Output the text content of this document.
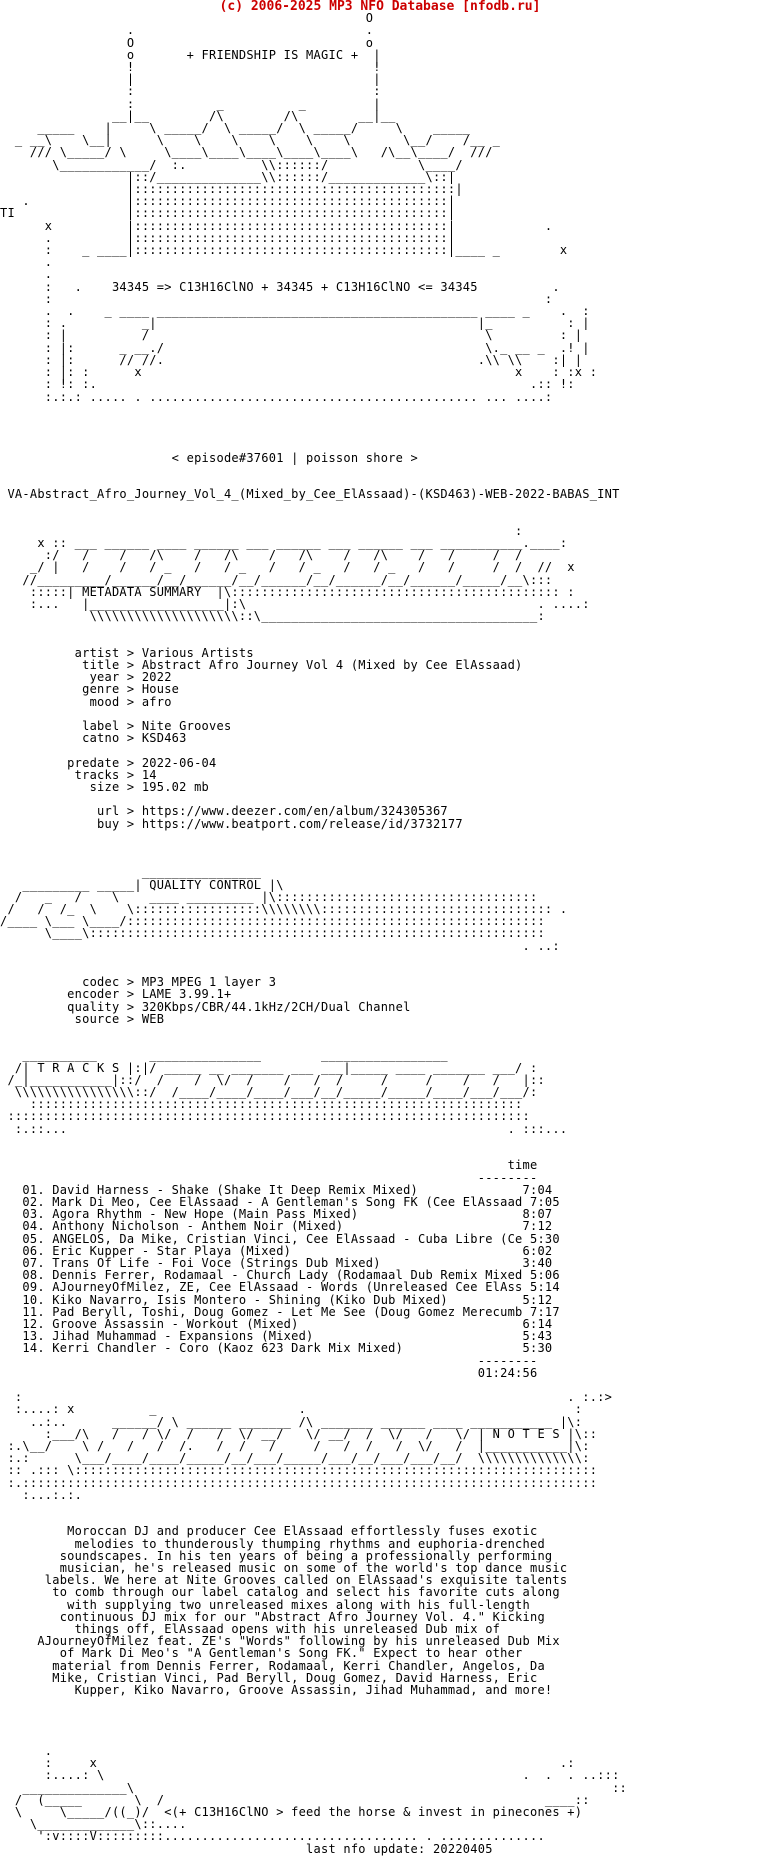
(c) 2006-2025 MP3 NFO Database [nfodb.ru]

O
.                               .
O                               o
o       + FRIENDSHIP IS MAGIC +  |
!                                !
|                                |
:                                :
:           _          _         |
__|__        /\        /\        __|__
_____    |     \ _____/  \ _____/  \ _____/     \    _____
_ __\    \__|      \    \    \    \    \    \       \__/    /__ _
/// \_____/ \     \____\____\____\____\____\   /\__\____/  ///
\____________/  :.          \\::::::/            \____/
|::/______________\\::::::/_____________\::|
|:::::::::::::::::::::::::::::::::::::::::::|
.             |::::::::::::::::::::::::::::::::::::::::::|
TI               |::::::::::::::::::::::::::::::::::::::::::|
x          |::::::::::::::::::::::::::::::::::::::::::|            .
.          |::::::::::::::::::::::::::::::::::::::::::|
:    _ ____|::::::::::::::::::::::::::::::::::::::::::|____ _        x
.
.
:   .    34345 => C13H16ClNO + 34345 + C13H16ClNO <= 34345          .
:                                                                  :
.  .    _ ____ ___________________________________________ ____ _    .  :
: .          _|                                           |_          : |
: |          /                                             \         : |
: |:      _ __./                                           \._ __ _  .! |
: |:      // //.                                          .\\ \\    :| |
: |: :      x                                                  x    : :x :
: !: :.                                                          .:: !:
:.:.: ..... . ............................................ ... ....:

< episode#37601 | poisson shore >

VA-Abstract_Afro_Journey_Vol_4_(Mixed_by_Cee_ElAssaad)-(KSD463)-WEB-2022-BABAS_INT

:
x :: ___ ______ ____ ______ ___ ______ ___ ______ ___ ___________.____:
:/   /    /   /\    /   /\    /   /\    /   /\    /   /     /  /
_/ |   /    /   / _   /   / _   /   / _   /   / _   /   /     /  /  //  x
//_________/______/__/______/__/______/__/______/__/______/_____/__\:::
:::::| METADATA SUMMARY  |\:::::::::::::::::::::::::::::::::::::::::::: :
:...   |__________________|:\                                       . ....:
\\\\\\\\\\\\\\\\\\\\::\_____________________________________:

artist > Various Artists
title > Abstract Afro Journey Vol 4 (Mixed by Cee ElAssaad)
year > 2022
genre > House
mood > afro

label > Nite Grooves
catno > KSD463

predate > 2022-06-04
tracks > 14
size > 195.02 mb

url > https://www.deezer.com/en/album/324305367
buy > https://www.beatport.com/release/id/3732177

________________
_________ _____| QUALITY CONTROL |\
/   _   /    \    ____ _________ |\:::::::::::::::::::::::::::::::::::
/   /  /_  \    \:::::::::::::::::\\\\\\\\::::::::::::::::::::::::::::::: .
/____ \___ \____/::::::::::::::::::::::::::::::::::::::::::::::::::::::::
\____\:::::::::::::::::::::::::::::::::::::::::::::::::::::::::::::
. ..:

codec > MP3 MPEG 1 layer 3
encoder > LAME 3.99.1+
quality > 320Kbps/CBR/44.1kHz/2CH/Dual Channel
source > WEB

__________       _______________        _________________
/| T R A C K S |:|/ _____ __ _______ ___ ___|_____ ____ _______ ___/ :
/_|___________|::/  /    /  \/  /    /   /  /     /     /    /   /   |::
\\\\\\\\\\\\\\\\::/  /____/____/____/___/__/_____/_____/____/___/___/:
::::::::::::::::::::::::::::::::::::::::::::::::::::::::::::::::::
::::::::::::::::::::::::::::::::::::::::::::::::::::::::::::::::::::::
:.::...                                                           . :::...

time
--------
01. David Harness - Shake (Shake It Deep Remix Mixed)              7:04
02. Mark Di Meo, Cee ElAssaad - A Gentleman's Song FK (Cee ElAssaad 7:05
03. Agora Rhythm - New Hope (Main Pass Mixed)                      8:07
04. Anthony Nicholson - Anthem Noir (Mixed)                        7:12
05. ANGELOS, Da Mike, Cristian Vinci, Cee ElAssaad - Cuba Libre (Ce 5:30
06. Eric Kupper - Star Playa (Mixed)                               6:02
07. Trans Of Life - Foi Voce (Strings Dub Mixed)                   3:40
08. Dennis Ferrer, Rodamaal - Church Lady (Rodamaal Dub Remix Mixed 5:06
09. AJourneyOfMilez, ZE, Cee ElAssaad - Words (Unreleased Cee ElAss 5:14
10. Kiko Navarro, Isis Montero - Shining (Kiko Dub Mixed)          5:12
11. Pad Beryll, Toshi, Doug Gomez - Let Me See (Doug Gomez Merecumb 7:17
12. Groove Assassin - Workout (Mixed)                              6:14
13. Jihad Muhammad - Expansions (Mixed)                            5:43
14. Kerri Chandler - Coro (Kaoz 623 Dark Mix Mixed)                5:30
--------
01:24:56

:                                                                         . :.:>
:....: x          _                   .                                    :
..:..      ______/ \ ______ _______ /\ _______ ______ ____ ___________ |\:
:___/\   /   / \/  /   /  \/ __/   \/ __/  /  \/   /   \/ | N O T E S |\::
:.\__/    \ /   /   /  /.   /  /   /     /   /  /   /  \/   /  |___________|\:
:.:      \___/____/____/_____/__/___/_____/___/__/___/___/__/  \\\\\\\\\\\\\\:
:: .::: \::::::::::::::::::::::::::::::::::::::::::::::::::::::::::::::::::::::
:.:::::::::::::::::::::::::::::::::::::::::::::::::::::::::::::::::::::::::::::
:...:.:.

Moroccan DJ and producer Cee ElAssaad effortlessly fuses exotic
melodies to thunderously thumping rhythms and euphoria-drenched
soundscapes. In his ten years of being a professionally performing
musician, he's released music on some of the world's top dance music
labels. We here at Nite Grooves called on ElAssaad's exquisite talents
to comb through our label catalog and select his favorite cuts along
with supplying two unreleased mixes along with his full-length
continuous DJ mix for our "Abstract Afro Journey Vol. 4." Kicking
things off, ElAssaad opens with his unreleased Dub mix of
AJourneyOfMilez feat. ZE's "Words" following by his unreleased Dub Mix
of Mark Di Meo's "A Gentleman's Song FK." Expect to hear other
material from Dennis Ferrer, Rodamaal, Kerri Chandler, Angelos, Da
Mike, Cristian Vinci, Pad Beryll, Doug Gomez, David Harness, Eric
Kupper, Kiko Navarro, Groove Assassin, Jihad Muhammad, and more!

.
:     x                                                              .:
:....: \                                                        .  .  . ..:::
______________\                                                                ::
/  (_____       \  /                                                   ____::
\     \_____/((_)/  <(+ C13H16ClNO > feed the horse & invest in pinecones +)
\_____________\::....
':v::::V:::::::::.................................. . ..............
last nfo update: 20220405
